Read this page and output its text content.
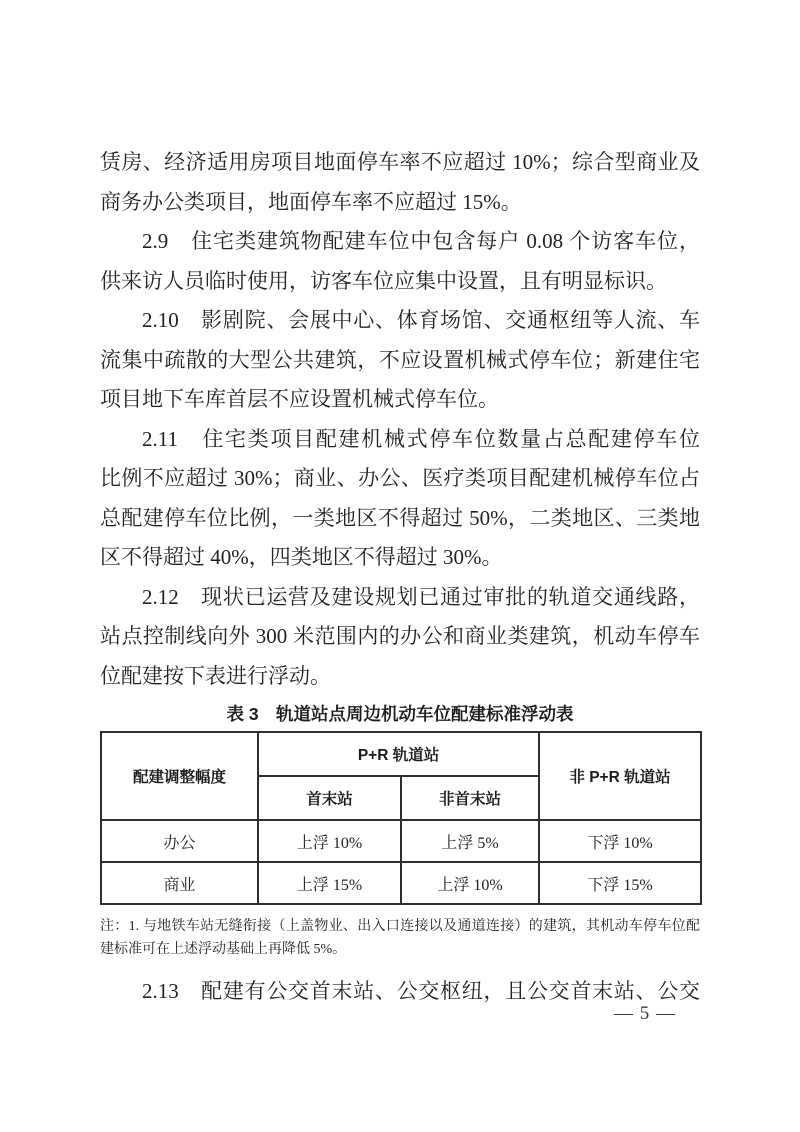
赁房、经济适用房项目地面停车率不应超过 10%；综合型商业及
商务办公类项目，地面停车率不应超过 15%。
2.9　住宅类建筑物配建车位中包含每户 0.08 个访客车位，
供来访人员临时使用，访客车位应集中设置，且有明显标识。
2.10　影剧院、会展中心、体育场馆、交通枢纽等人流、车
流集中疏散的大型公共建筑，不应设置机械式停车位；新建住宅
项目地下车库首层不应设置机械式停车位。
2.11　住宅类项目配建机械式停车位数量占总配建停车位
比例不应超过 30%；商业、办公、医疗类项目配建机械停车位占
总配建停车位比例，一类地区不得超过 50%，二类地区、三类地
区不得超过 40%，四类地区不得超过 30%。
2.12　现状已运营及建设规划已通过审批的轨道交通线路，
站点控制线向外 300 米范围内的办公和商业类建筑，机动车停车
位配建按下表进行浮动。
表 3　轨道站点周边机动车位配建标准浮动表
配建调整幅度	P+R 轨道站		非 P+R 轨道站
	首末站	非首末站	
办公	上浮 10%	上浮 5%	下浮 10%
商业	上浮 15%	上浮 10%	下浮 15%
注：1. 与地铁车站无缝衔接（上盖物业、出入口连接以及通道连接）的建筑，其机动车停车位配
建标准可在上述浮动基础上再降低 5%。
2.13　配建有公交首末站、公交枢纽，且公交首末站、公交
— 5 —
